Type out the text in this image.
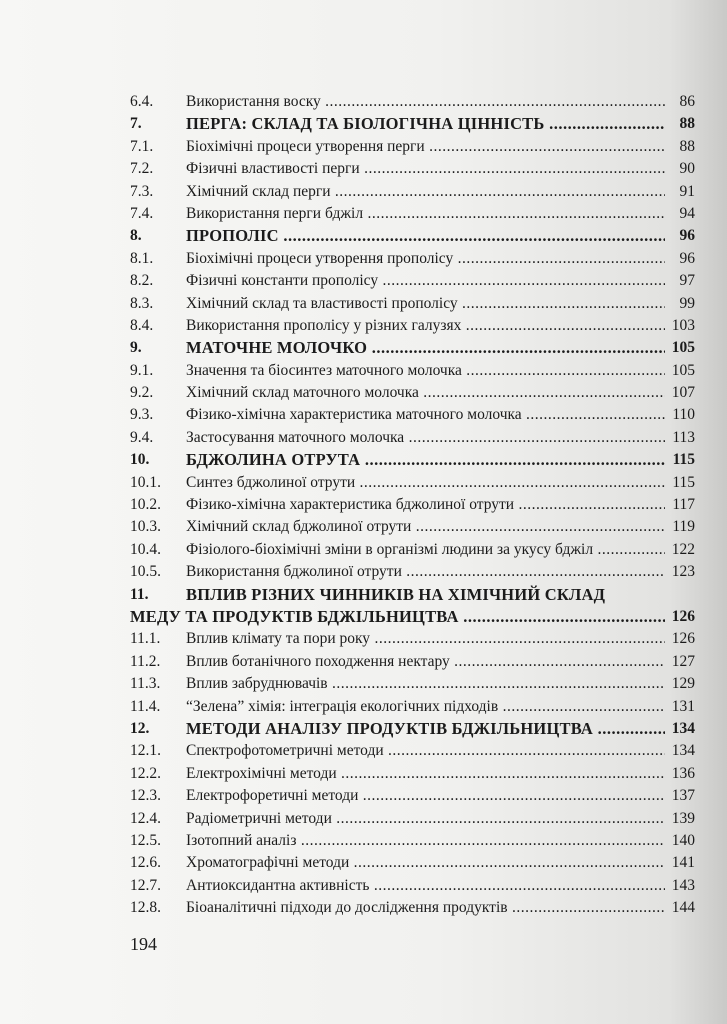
6.4. Використання воску .....	86
7.	ПЕРГА: СКЛАД ТА БІОЛОГІЧНА ЦІННІСТЬ .....	88
7.1. Біохімічні процеси утворення перги .....	88
7.2. Фізичні властивості перги .....	90
7.3. Хімічний склад перги .....	91
7.4. Використання перги бджіл .....	94
8.	ПРОПОЛІС .....	96
8.1. Біохімічні процеси утворення прополісу .....	96
8.2. Фізичні константи прополісу .....	97
8.3. Хімічний склад та властивості прополісу .....	99
8.4. Використання прополісу у різних галузях .....	103
9.	МАТОЧНЕ МОЛОЧКО .....	105
9.1. Значення та біосинтез маточного молочка .....	105
9.2. Хімічний склад маточного молочка .....	107
9.3. Фізико-хімічна характеристика маточного молочка .....	110
9.4. Застосування маточного молочка .....	113
10. БДЖОЛИНА ОТРУТА .....	115
10.1. Синтез бджолиної отрути .....	115
10.2. Фізико-хімічна характеристика бджолиної отрути .....	117
10.3. Хімічний склад бджолиної отрути .....	119
10.4. Фізіолого-біохімічні зміни в організмі людини за укусу бджіл .....	122
10.5. Використання бджолиної отрути .....	123
11. ВПЛИВ РІЗНИХ ЧИННИКІВ НА ХІМІЧНИЙ СКЛАД
МЕДУ ТА ПРОДУКТІВ БДЖІЛЬНИЦТВА .....	126
11.1. Вплив клімату та пори року .....	126
11.2. Вплив ботанічного походження нектару .....	127
11.3. Вплив забруднювачів .....	129
11.4. “Зелена” хімія: інтеграція екологічних підходів .....	131
12. МЕТОДИ АНАЛІЗУ ПРОДУКТІВ БДЖІЛЬНИЦТВА .....	134
12.1. Спектрофотометричні методи .....	134
12.2. Електрохімічні методи .....	136
12.3. Електрофоретичні методи .....	137
12.4. Радіометричні методи .....	139
12.5. Ізотопний аналіз .....	140
12.6. Хроматографічні методи .....	141
12.7. Антиоксидантна активність .....	143
12.8. Біоаналітичні підходи до дослідження продуктів .....	144
194
